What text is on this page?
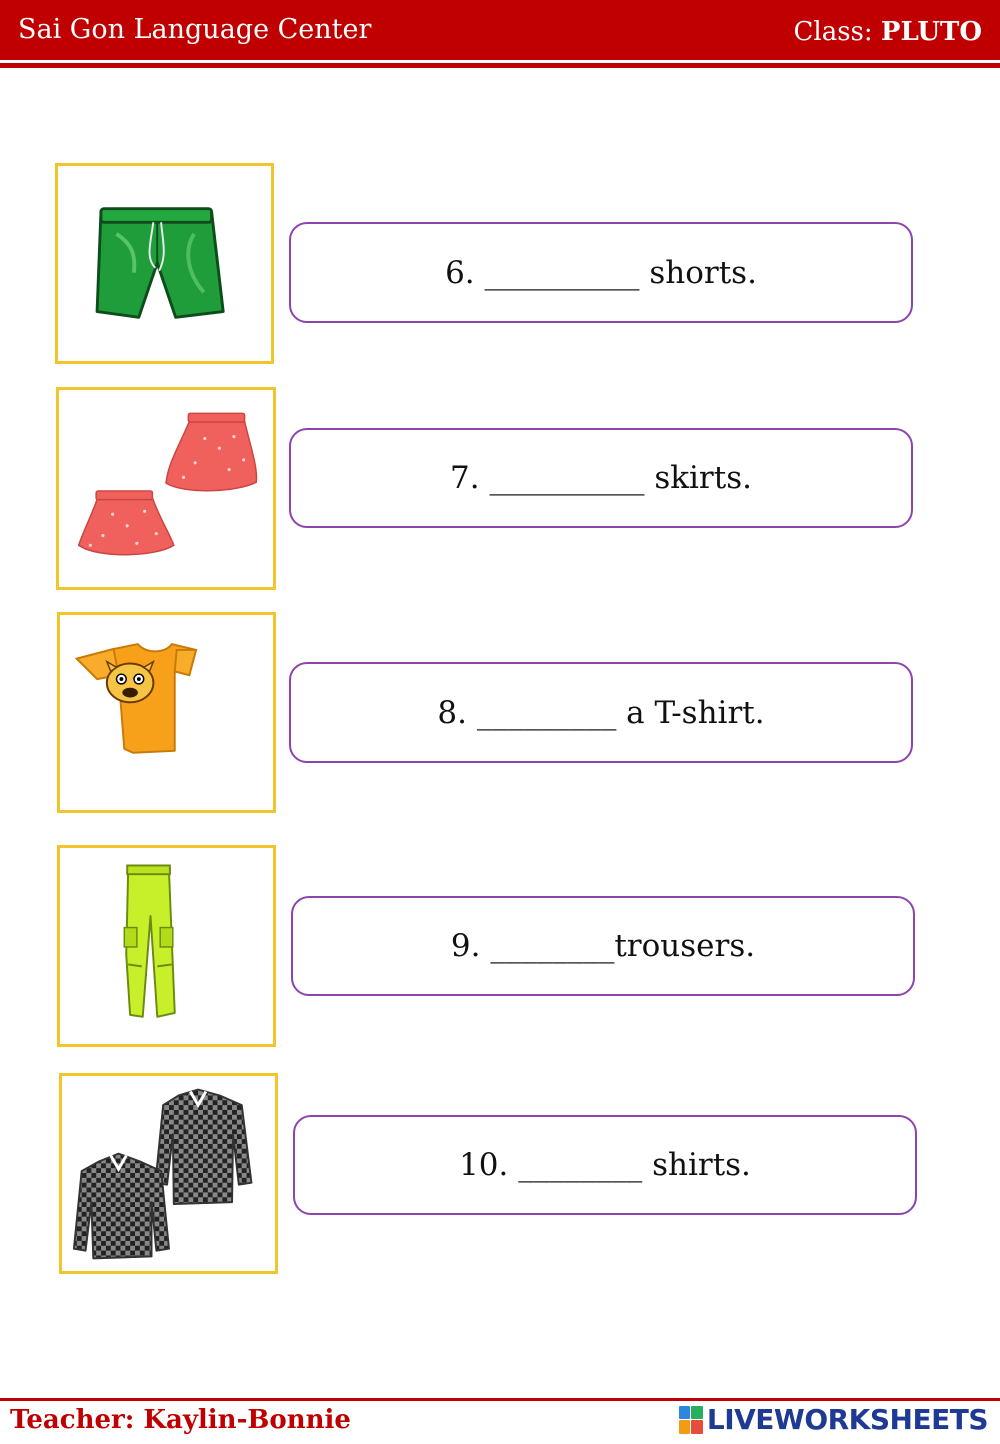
Sai Gon Language Center	Class: PLUTO
6. __________ shorts.
7. __________ skirts.
8. _________ a T-shirt.
9. ________trousers.
10. ________ shirts.
Teacher: Kaylin-Bonnie	LIVEWORKSHEETS
